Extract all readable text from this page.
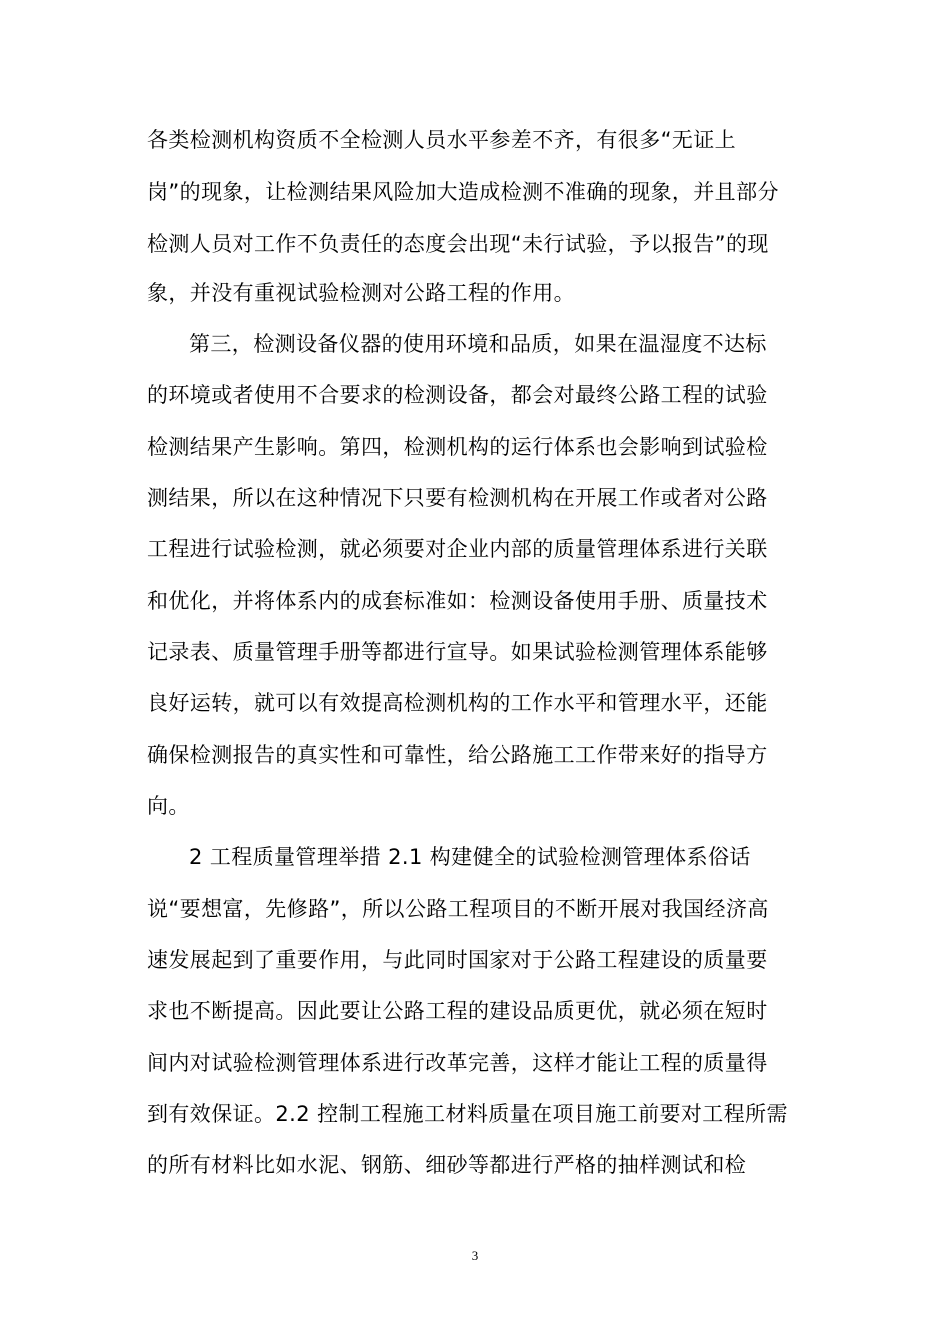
各类检测机构资质不全检测人员水平参差不齐，有很多“无证上
岗”的现象，让检测结果风险加大造成检测不准确的现象，并且部分
检测人员对工作不负责任的态度会出现“未行试验，予以报告”的现
象，并没有重视试验检测对公路工程的作用。
第三，检测设备仪器的使用环境和品质，如果在温湿度不达标
的环境或者使用不合要求的检测设备，都会对最终公路工程的试验
检测结果产生影响。第四，检测机构的运行体系也会影响到试验检
测结果，所以在这种情况下只要有检测机构在开展工作或者对公路
工程进行试验检测，就必须要对企业内部的质量管理体系进行关联
和优化，并将体系内的成套标准如：检测设备使用手册、质量技术
记录表、质量管理手册等都进行宣导。如果试验检测管理体系能够
良好运转，就可以有效提高检测机构的工作水平和管理水平，还能
确保检测报告的真实性和可靠性，给公路施工工作带来好的指导方
向。
2 工程质量管理举措 2.1 构建健全的试验检测管理体系俗话
说“要想富，先修路”，所以公路工程项目的不断开展对我国经济高
速发展起到了重要作用，与此同时国家对于公路工程建设的质量要
求也不断提高。因此要让公路工程的建设品质更优，就必须在短时
间内对试验检测管理体系进行改革完善，这样才能让工程的质量得
到有效保证。2.2 控制工程施工材料质量在项目施工前要对工程所需
的所有材料比如水泥、钢筋、细砂等都进行严格的抽样测试和检
3
